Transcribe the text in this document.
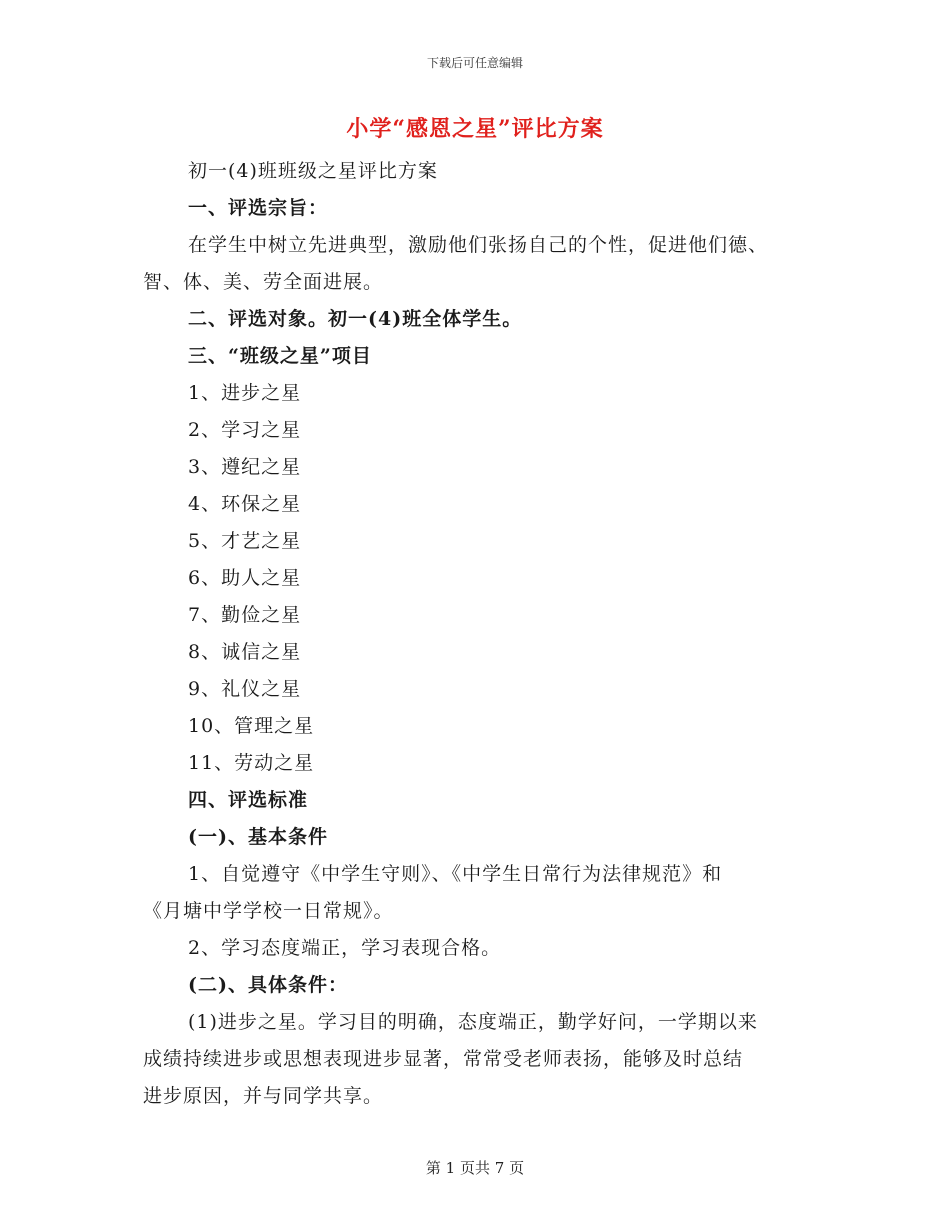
下载后可任意编辑
小学“感恩之星”评比方案
初一(4)班班级之星评比方案
一、评选宗旨：
在学生中树立先进典型，激励他们张扬自己的个性，促进他们德、
智、体、美、劳全面进展。
二、评选对象。初一(4)班全体学生。
三、“班级之星”项目
1、进步之星
2、学习之星
3、遵纪之星
4、环保之星
5、才艺之星
6、助人之星
7、勤俭之星
8、诚信之星
9、礼仪之星
10、管理之星
11、劳动之星
四、评选标准
(一)、基本条件
1、自觉遵守《中学生守则》、《中学生日常行为法律规范》和
《月塘中学学校一日常规》。
2、学习态度端正，学习表现合格。
(二)、具体条件：
(1)进步之星。学习目的明确，态度端正，勤学好问，一学期以来
成绩持续进步或思想表现进步显著，常常受老师表扬，能够及时总结
进步原因，并与同学共享。
第 1 页共 7 页
